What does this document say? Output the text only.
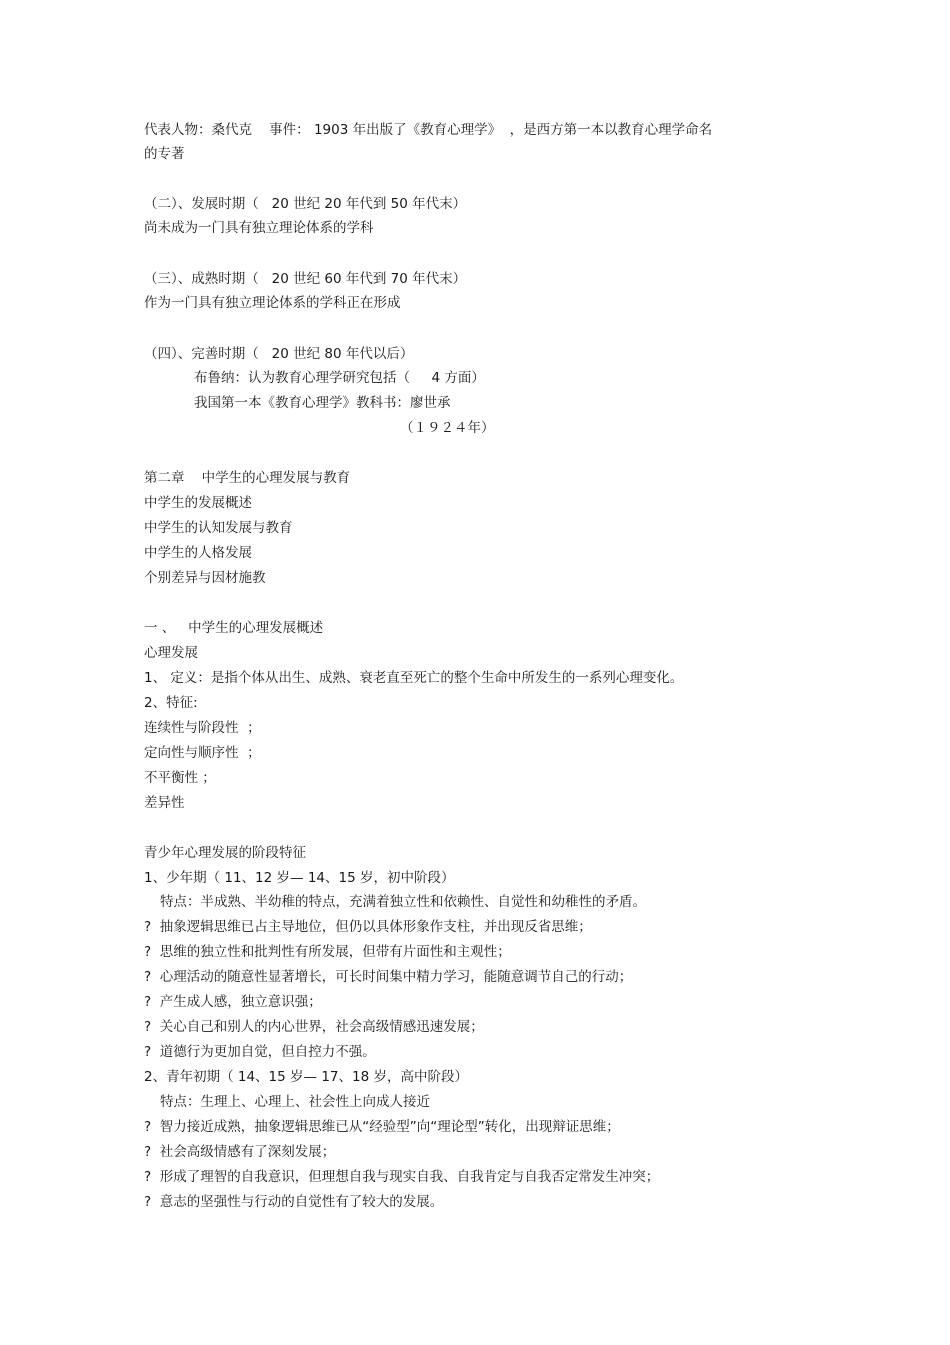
代表人物：桑代克    事件： 1903 年出版了《教育心理学》  ，是西方第一本以教育心理学命名
的专著
（二）、发展时期（   20 世纪 20 年代到 50 年代末）
尚未成为一门具有独立理论体系的学科
（三）、成熟时期（   20 世纪 60 年代到 70 年代末）
作为一门具有独立理论体系的学科正在形成
（四）、完善时期（   20 世纪 80 年代以后）
布鲁纳：认为教育心理学研究包括（     4 方面）
我国第一本《教育心理学》教科书：廖世承
（１９２４年）
第二章    中学生的心理发展与教育
中学生的发展概述
中学生的认知发展与教育
中学生的人格发展
个别差异与因材施教
一 、   中学生的心理发展概述
心理发展
1、 定义：是指个体从出生、成熟、衰老直至死亡的整个生命中所发生的一系列心理变化。
2、特征:
连续性与阶段性  ；
定向性与顺序性  ；
不平衡性 ；
差异性
青少年心理发展的阶段特征
1、少年期（ 11、12 岁— 14、15 岁，初中阶段）
特点：半成熟、半幼稚的特点，充满着独立性和依赖性、自觉性和幼稚性的矛盾。
?  抽象逻辑思维已占主导地位，但仍以具体形象作支柱，并出现反省思维；
?  思维的独立性和批判性有所发展，但带有片面性和主观性；
?  心理活动的随意性显著增长，可长时间集中精力学习，能随意调节自己的行动；
?  产生成人感，独立意识强；
?  关心自己和别人的内心世界，社会高级情感迅速发展；
?  道德行为更加自觉，但自控力不强。
2、青年初期（ 14、15 岁— 17、18 岁，高中阶段）
特点：生理上、心理上、社会性上向成人接近
?  智力接近成熟，抽象逻辑思维已从“经验型”向“理论型”转化，出现辩证思维；
?  社会高级情感有了深刻发展；
?  形成了理智的自我意识，但理想自我与现实自我、自我肯定与自我否定常发生冲突；
?  意志的坚强性与行动的自觉性有了较大的发展。
